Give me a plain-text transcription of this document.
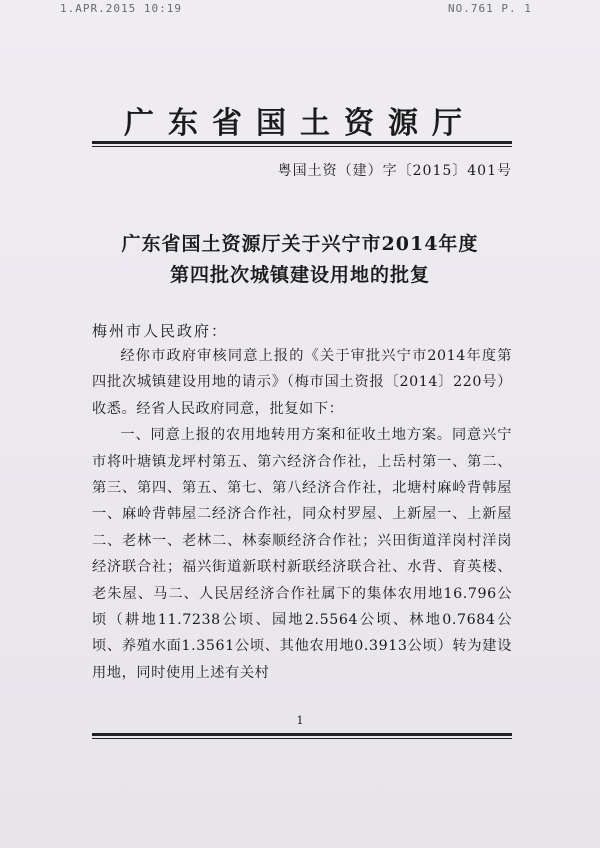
1.APR.2015 10:19	NO.761 P. 1
广东省国土资源厅
粤国土资（建）字〔2015〕401号
广东省国土资源厅关于兴宁市2014年度
第四批次城镇建设用地的批复
梅州市人民政府：

经你市政府审核同意上报的《关于审批兴宁市2014年度第四批次城镇建设用地的请示》（梅市国土资报〔2014〕220号）收悉。经省人民政府同意，批复如下：

一、同意上报的农用地转用方案和征收土地方案。同意兴宁市将叶塘镇龙坪村第五、第六经济合作社，上岳村第一、第二、第三、第四、第五、第七、第八经济合作社，北塘村麻岭背韩屋一、麻岭背韩屋二经济合作社，同众村罗屋、上新屋一、上新屋二、老林一、老林二、林泰顺经济合作社；兴田街道洋岗村洋岗经济联合社；福兴街道新联村新联经济联合社、水背、育英楼、老朱屋、马二、人民居经济合作社属下的集体农用地16.796公顷（耕地11.7238公顷、园地2.5564公顷、林地0.7684公顷、养殖水面1.3561公顷、其他农用地0.3913公顷）转为建设用地，同时使用上述有关村

1
